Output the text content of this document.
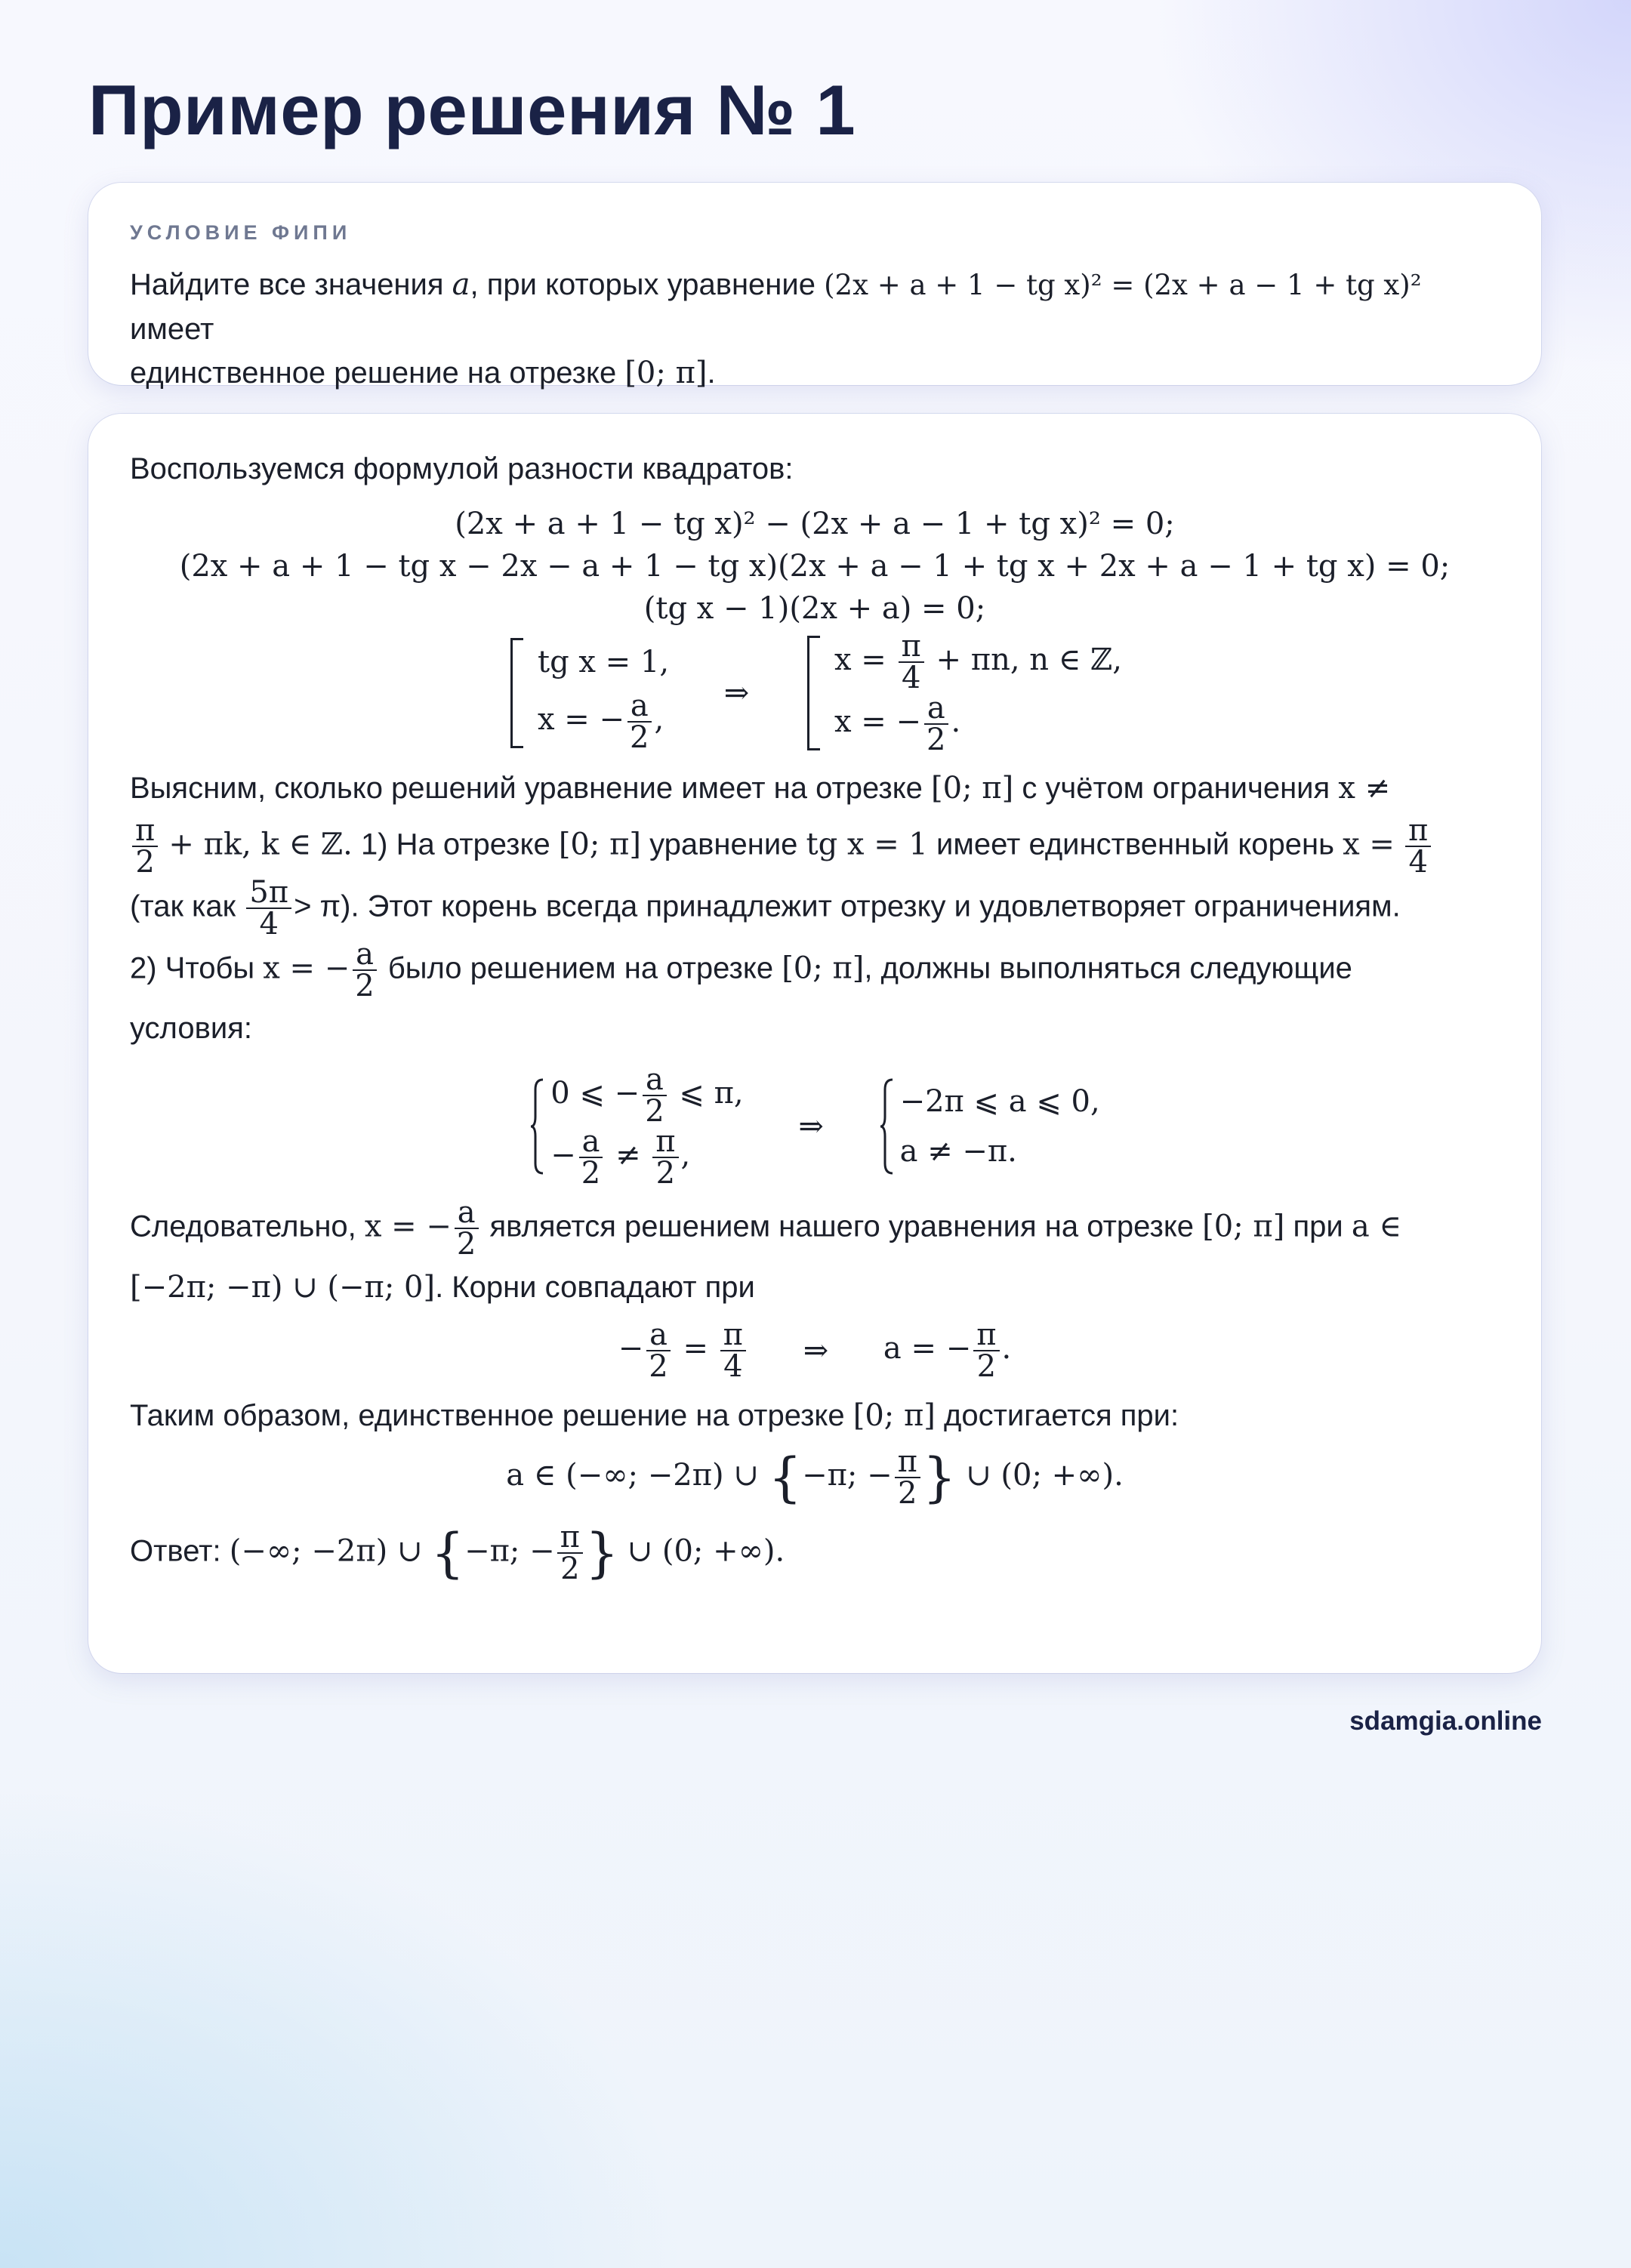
Пример решения № 1
УСЛОВИЕ ФИПИ
Найдите все значения a, при которых уравнение (2x + a + 1 − tg x)² = (2x + a − 1 + tg x)² имеет
единственное решение на отрезке [0; π].
Воспользуемся формулой разности квадратов:
(2x + a + 1 − tg x)² − (2x + a − 1 + tg x)² = 0;
(2x + a + 1 − tg x − 2x − a + 1 − tg x)(2x + a − 1 + tg x + 2x + a − 1 + tg x) = 0;
(tg x − 1)(2x + a) = 0;
tg x = 1,
x = − $\frac{a}{2}$ ,
⇒
$x = \frac{\pi}{4} + \pi n$, n ∈ ℤ,
x = − $\frac{a}{2}$ .
Выясним, сколько решений уравнение имеет на отрезке [0; π] с учётом ограничения x ≠

$\frac{\pi}{2} + \pi k$, k ∈ ℤ. 1) На отрезке [0; π] уравнение tg x = 1 имеет единственный корень $x = \frac{\pi}{4}$

(так как $\frac{5\pi}{4} > \pi$). Этот корень всегда принадлежит отрезку и удовлетворяет ограничениям.
2) Чтобы x = − $\frac{a}{2}$ было решением на отрезке [0; π], должны выполняться следующие
условия:
0 ⩽ − $\frac{a}{2}$ ⩽ π,
− $\frac{a}{2} \ne \frac{\pi}{2}$ ,
⇒
−2π ⩽ a ⩽ 0,
a ≠ −π.
Следовательно, x = − $\frac{a}{2}$ является решением нашего уравнения на отрезке [0; π] при a ∈
[−2π; −π) ∪ (−π; 0]. Корни совпадают при
− $\frac{a}{2} = \frac{\pi}{4}$ ⇒ a = − $\frac{\pi}{2}$ .
Таким образом, единственное решение на отрезке [0; π] достигается при:
a ∈ (−∞; −2π) ∪ {−π; − $\frac{\pi}{2}$ } ∪ (0; +∞).
Ответ: (−∞; −2π) ∪ {−π; − $\frac{\pi}{2}$ } ∪ (0; +∞).
sdamgia.online
